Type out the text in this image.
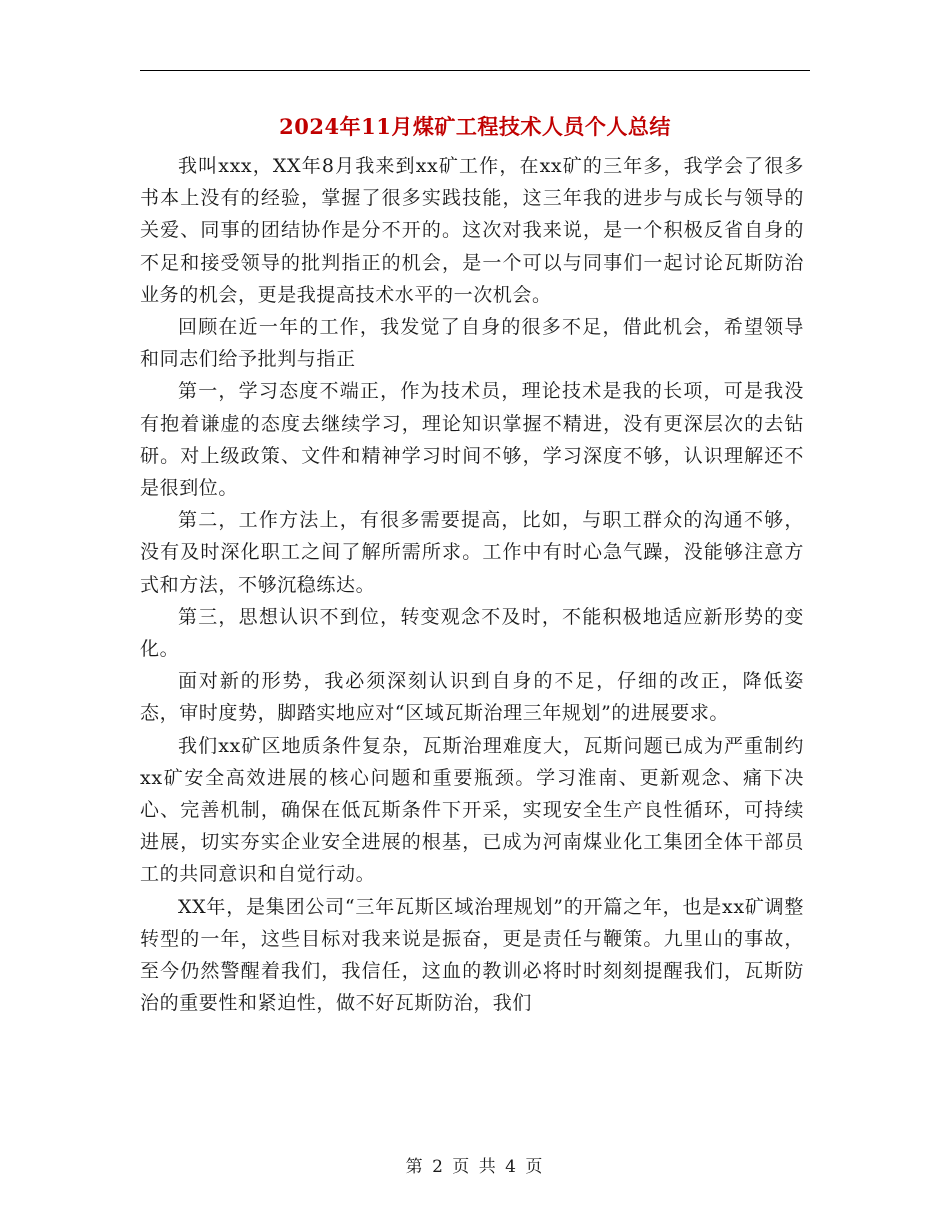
2024年11月煤矿工程技术人员个人总结

我叫xxx，XX年8月我来到xx矿工作，在xx矿的三年多，我学会了很多书本上没有的经验，掌握了很多实践技能，这三年我的进步与成长与领导的关爱、同事的团结协作是分不开的。这次对我来说，是一个积极反省自身的不足和接受领导的批判指正的机会，是一个可以与同事们一起讨论瓦斯防治业务的机会，更是我提高技术水平的一次机会。

回顾在近一年的工作，我发觉了自身的很多不足，借此机会，希望领导和同志们给予批判与指正

第一，学习态度不端正，作为技术员，理论技术是我的长项，可是我没有抱着谦虚的态度去继续学习，理论知识掌握不精进，没有更深层次的去钻研。对上级政策、文件和精神学习时间不够，学习深度不够，认识理解还不是很到位。

第二，工作方法上，有很多需要提高，比如，与职工群众的沟通不够，没有及时深化职工之间了解所需所求。工作中有时心急气躁，没能够注意方式和方法，不够沉稳练达。

第三，思想认识不到位，转变观念不及时，不能积极地适应新形势的变化。

面对新的形势，我必须深刻认识到自身的不足，仔细的改正，降低姿态，审时度势，脚踏实地应对“区域瓦斯治理三年规划”的进展要求。

我们xx矿区地质条件复杂，瓦斯治理难度大，瓦斯问题已成为严重制约xx矿安全高效进展的核心问题和重要瓶颈。学习淮南、更新观念、痛下决心、完善机制，确保在低瓦斯条件下开采，实现安全生产良性循环，可持续进展，切实夯实企业安全进展的根基，已成为河南煤业化工集团全体干部员工的共同意识和自觉行动。

XX年，是集团公司“三年瓦斯区域治理规划”的开篇之年，也是xx矿调整转型的一年，这些目标对我来说是振奋，更是责任与鞭策。九里山的事故，至今仍然警醒着我们，我信任，这血的教训必将时时刻刻提醒我们，瓦斯防治的重要性和紧迫性，做不好瓦斯防治，我们

第 2 页 共 4 页
